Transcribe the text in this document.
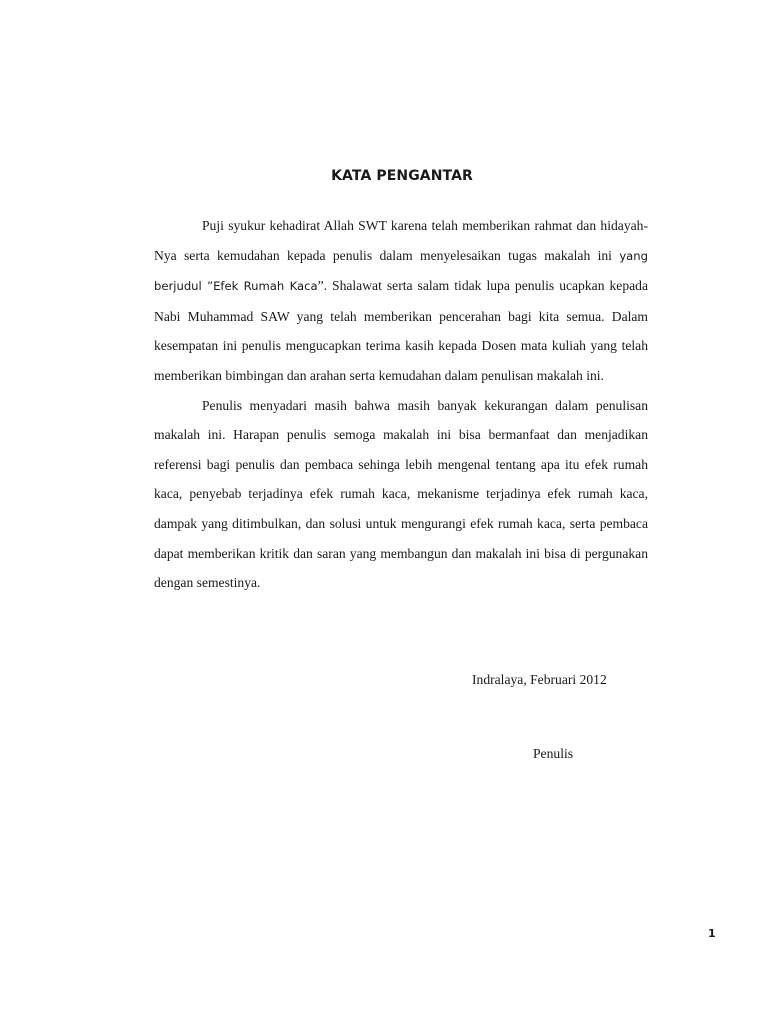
KATA PENGANTAR

Puji syukur kehadirat Allah SWT karena telah memberikan rahmat dan hidayah-Nya serta kemudahan kepada penulis dalam menyelesaikan tugas makalah ini yang berjudul ”Efek Rumah Kaca”. Shalawat serta salam tidak lupa penulis ucapkan kepada Nabi Muhammad SAW yang telah memberikan pencerahan bagi kita semua. Dalam kesempatan ini penulis mengucapkan terima kasih kepada Dosen mata kuliah yang telah memberikan bimbingan dan arahan serta kemudahan dalam penulisan makalah ini.

Penulis menyadari masih bahwa masih banyak kekurangan dalam penulisan makalah ini. Harapan penulis semoga makalah ini bisa bermanfaat dan menjadikan referensi bagi penulis dan pembaca sehinga lebih mengenal tentang apa itu efek rumah kaca, penyebab terjadinya efek rumah kaca, mekanisme terjadinya efek rumah kaca, dampak yang ditimbulkan, dan solusi untuk mengurangi efek rumah kaca, serta pembaca dapat memberikan kritik dan saran yang membangun dan makalah ini bisa di pergunakan dengan semestinya.

Indralaya, Februari 2012
Penulis
1
